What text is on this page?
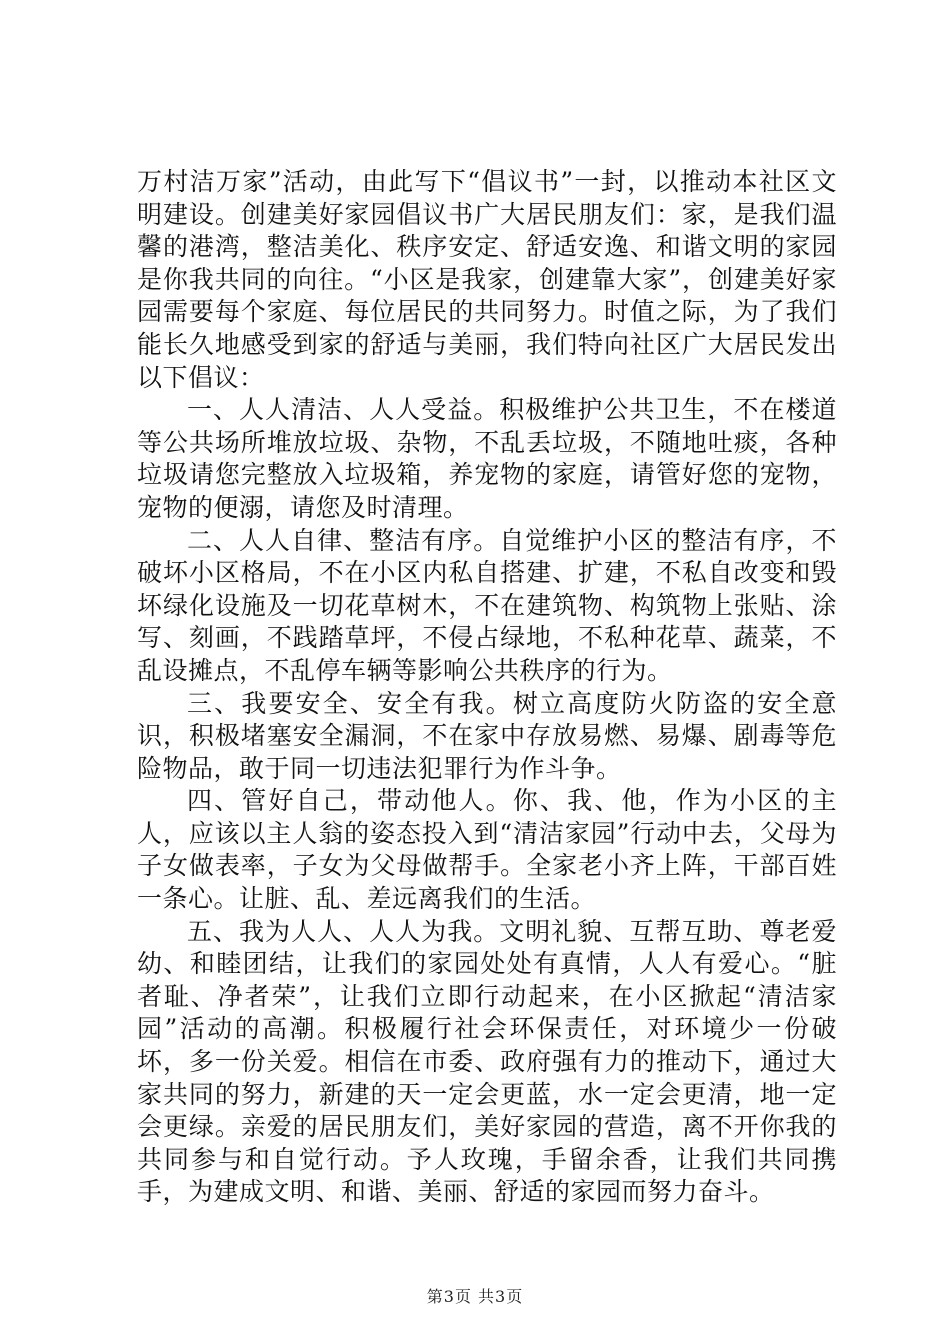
万村洁万家”活动，由此写下“倡议书”一封，以推动本社区文明建设。创建美好家园倡议书广大居民朋友们：家，是我们温馨的港湾，整洁美化、秩序安定、舒适安逸、和谐文明的家园是你我共同的向往。“小区是我家，创建靠大家”，创建美好家园需要每个家庭、每位居民的共同努力。时值之际，为了我们能长久地感受到家的舒适与美丽，我们特向社区广大居民发出以下倡议：

一、人人清洁、人人受益。积极维护公共卫生，不在楼道等公共场所堆放垃圾、杂物，不乱丢垃圾，不随地吐痰，各种垃圾请您完整放入垃圾箱，养宠物的家庭，请管好您的宠物，宠物的便溺，请您及时清理。

二、人人自律、整洁有序。自觉维护小区的整洁有序，不破坏小区格局，不在小区内私自搭建、扩建，不私自改变和毁坏绿化设施及一切花草树木，不在建筑物、构筑物上张贴、涂写、刻画，不践踏草坪，不侵占绿地，不私种花草、蔬菜，不乱设摊点，不乱停车辆等影响公共秩序的行为。

三、我要安全、安全有我。树立高度防火防盗的安全意识，积极堵塞安全漏洞，不在家中存放易燃、易爆、剧毒等危险物品，敢于同一切违法犯罪行为作斗争。

四、管好自己，带动他人。你、我、他，作为小区的主人，应该以主人翁的姿态投入到“清洁家园”行动中去，父母为子女做表率，子女为父母做帮手。全家老小齐上阵，干部百姓一条心。让脏、乱、差远离我们的生活。

五、我为人人、人人为我。文明礼貌、互帮互助、尊老爱幼、和睦团结，让我们的家园处处有真情，人人有爱心。“脏者耻、净者荣”，让我们立即行动起来，在小区掀起“清洁家园”活动的高潮。积极履行社会环保责任，对环境少一份破坏，多一份关爱。相信在市委、政府强有力的推动下，通过大家共同的努力，新建的天一定会更蓝，水一定会更清，地一定会更绿。亲爱的居民朋友们，美好家园的营造，离不开你我的共同参与和自觉行动。予人玫瑰，手留余香，让我们共同携手，为建成文明、和谐、美丽、舒适的家园而努力奋斗。

第3页 共3页
